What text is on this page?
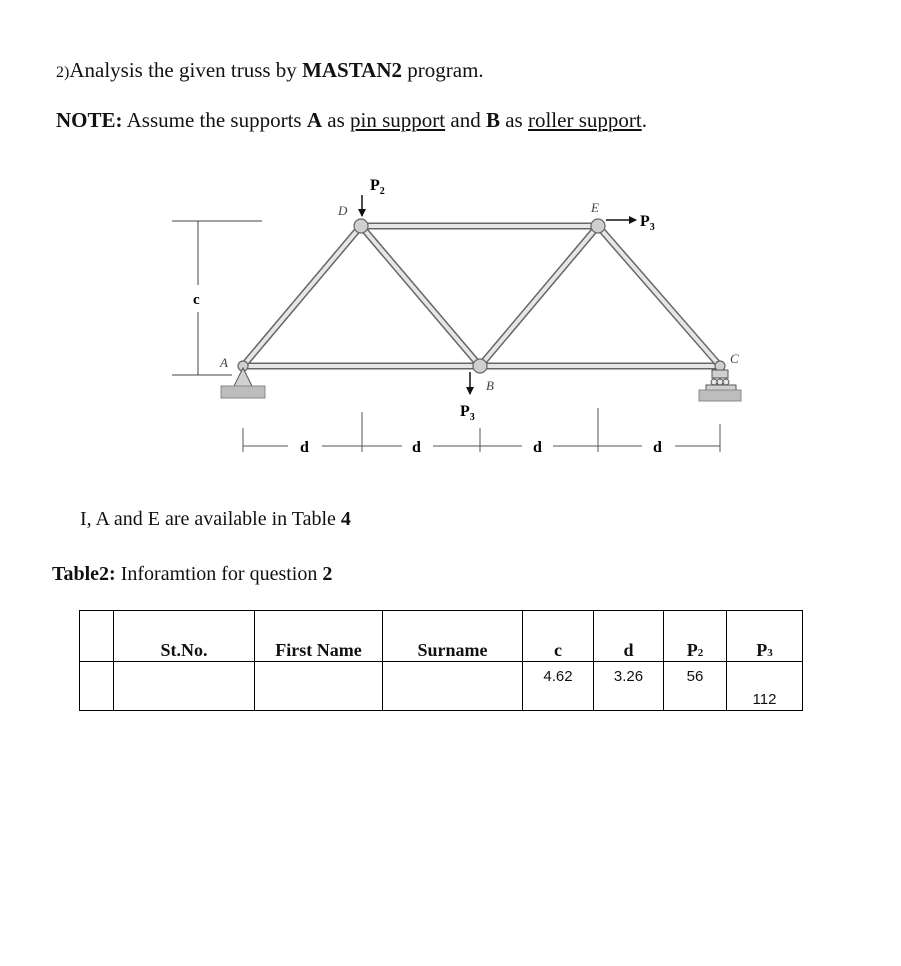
2)Analysis the given truss by MASTAN2 program.
NOTE: Assume the supports A as pin support and B as roller support.
c
A
D	E
B
C
$P_2$
$P_3$
$P_3$
d	d	d	d
I, A and E are available in Table 4
Table2: Inforamtion for question 2
	St.No.	First Name	Surname	c	d	P2	P3
				4.62	3.26	56	112
